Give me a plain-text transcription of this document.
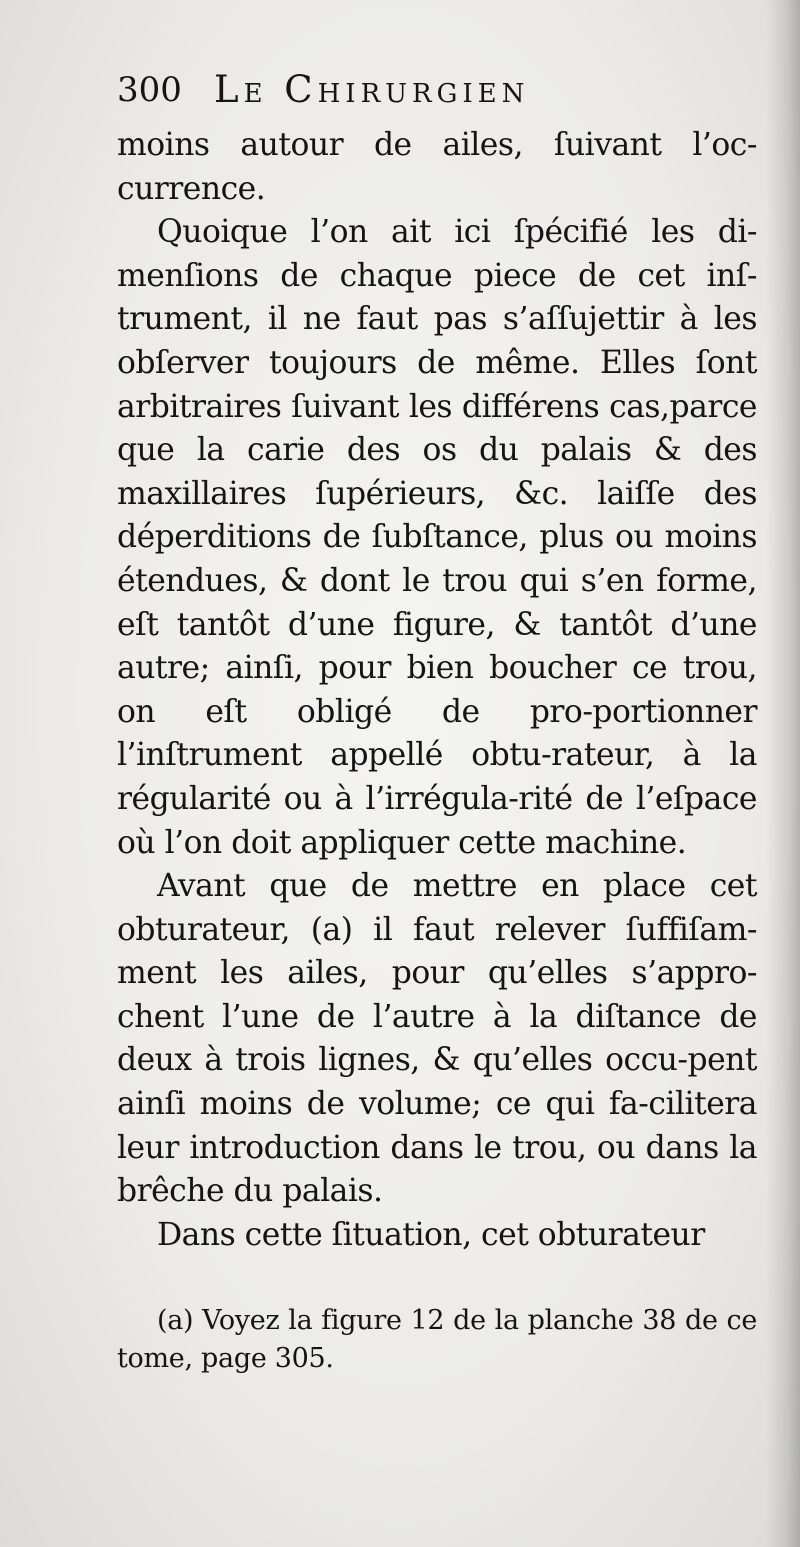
300 Le Chirurgien

moins autour de ailes, ſuivant l’oc-currence.

Quoique l’on ait ici ſpécifié les di-menſions de chaque piece de cet inſ-trument, il ne faut pas s’aſſujettir à les obſerver toujours de même. Elles ſont arbitraires ſuivant les différens cas,parce que la carie des os du palais & des maxillaires ſupérieurs, &c. laiſſe des déperditions de ſubſtance, plus ou moins étendues, & dont le trou qui s’en forme, eſt tantôt d’une figure, & tantôt d’une autre; ainſi, pour bien boucher ce trou, on eſt obligé de pro-portionner l’inſtrument appellé obtu-rateur, à la régularité ou à l’irrégula-rité de l’eſpace où l’on doit appliquer cette machine.

Avant que de mettre en place cet obturateur, (a) il faut relever ſuffiſam-ment les ailes, pour qu’elles s’appro-chent l’une de l’autre à la diſtance de deux à trois lignes, & qu’elles occu-pent ainſi moins de volume; ce qui fa-cilitera leur introduction dans le trou, ou dans la brêche du palais.

Dans cette ſituation, cet obturateur

(a) Voyez la figure 12 de la planche 38 de ce tome, page 305.
